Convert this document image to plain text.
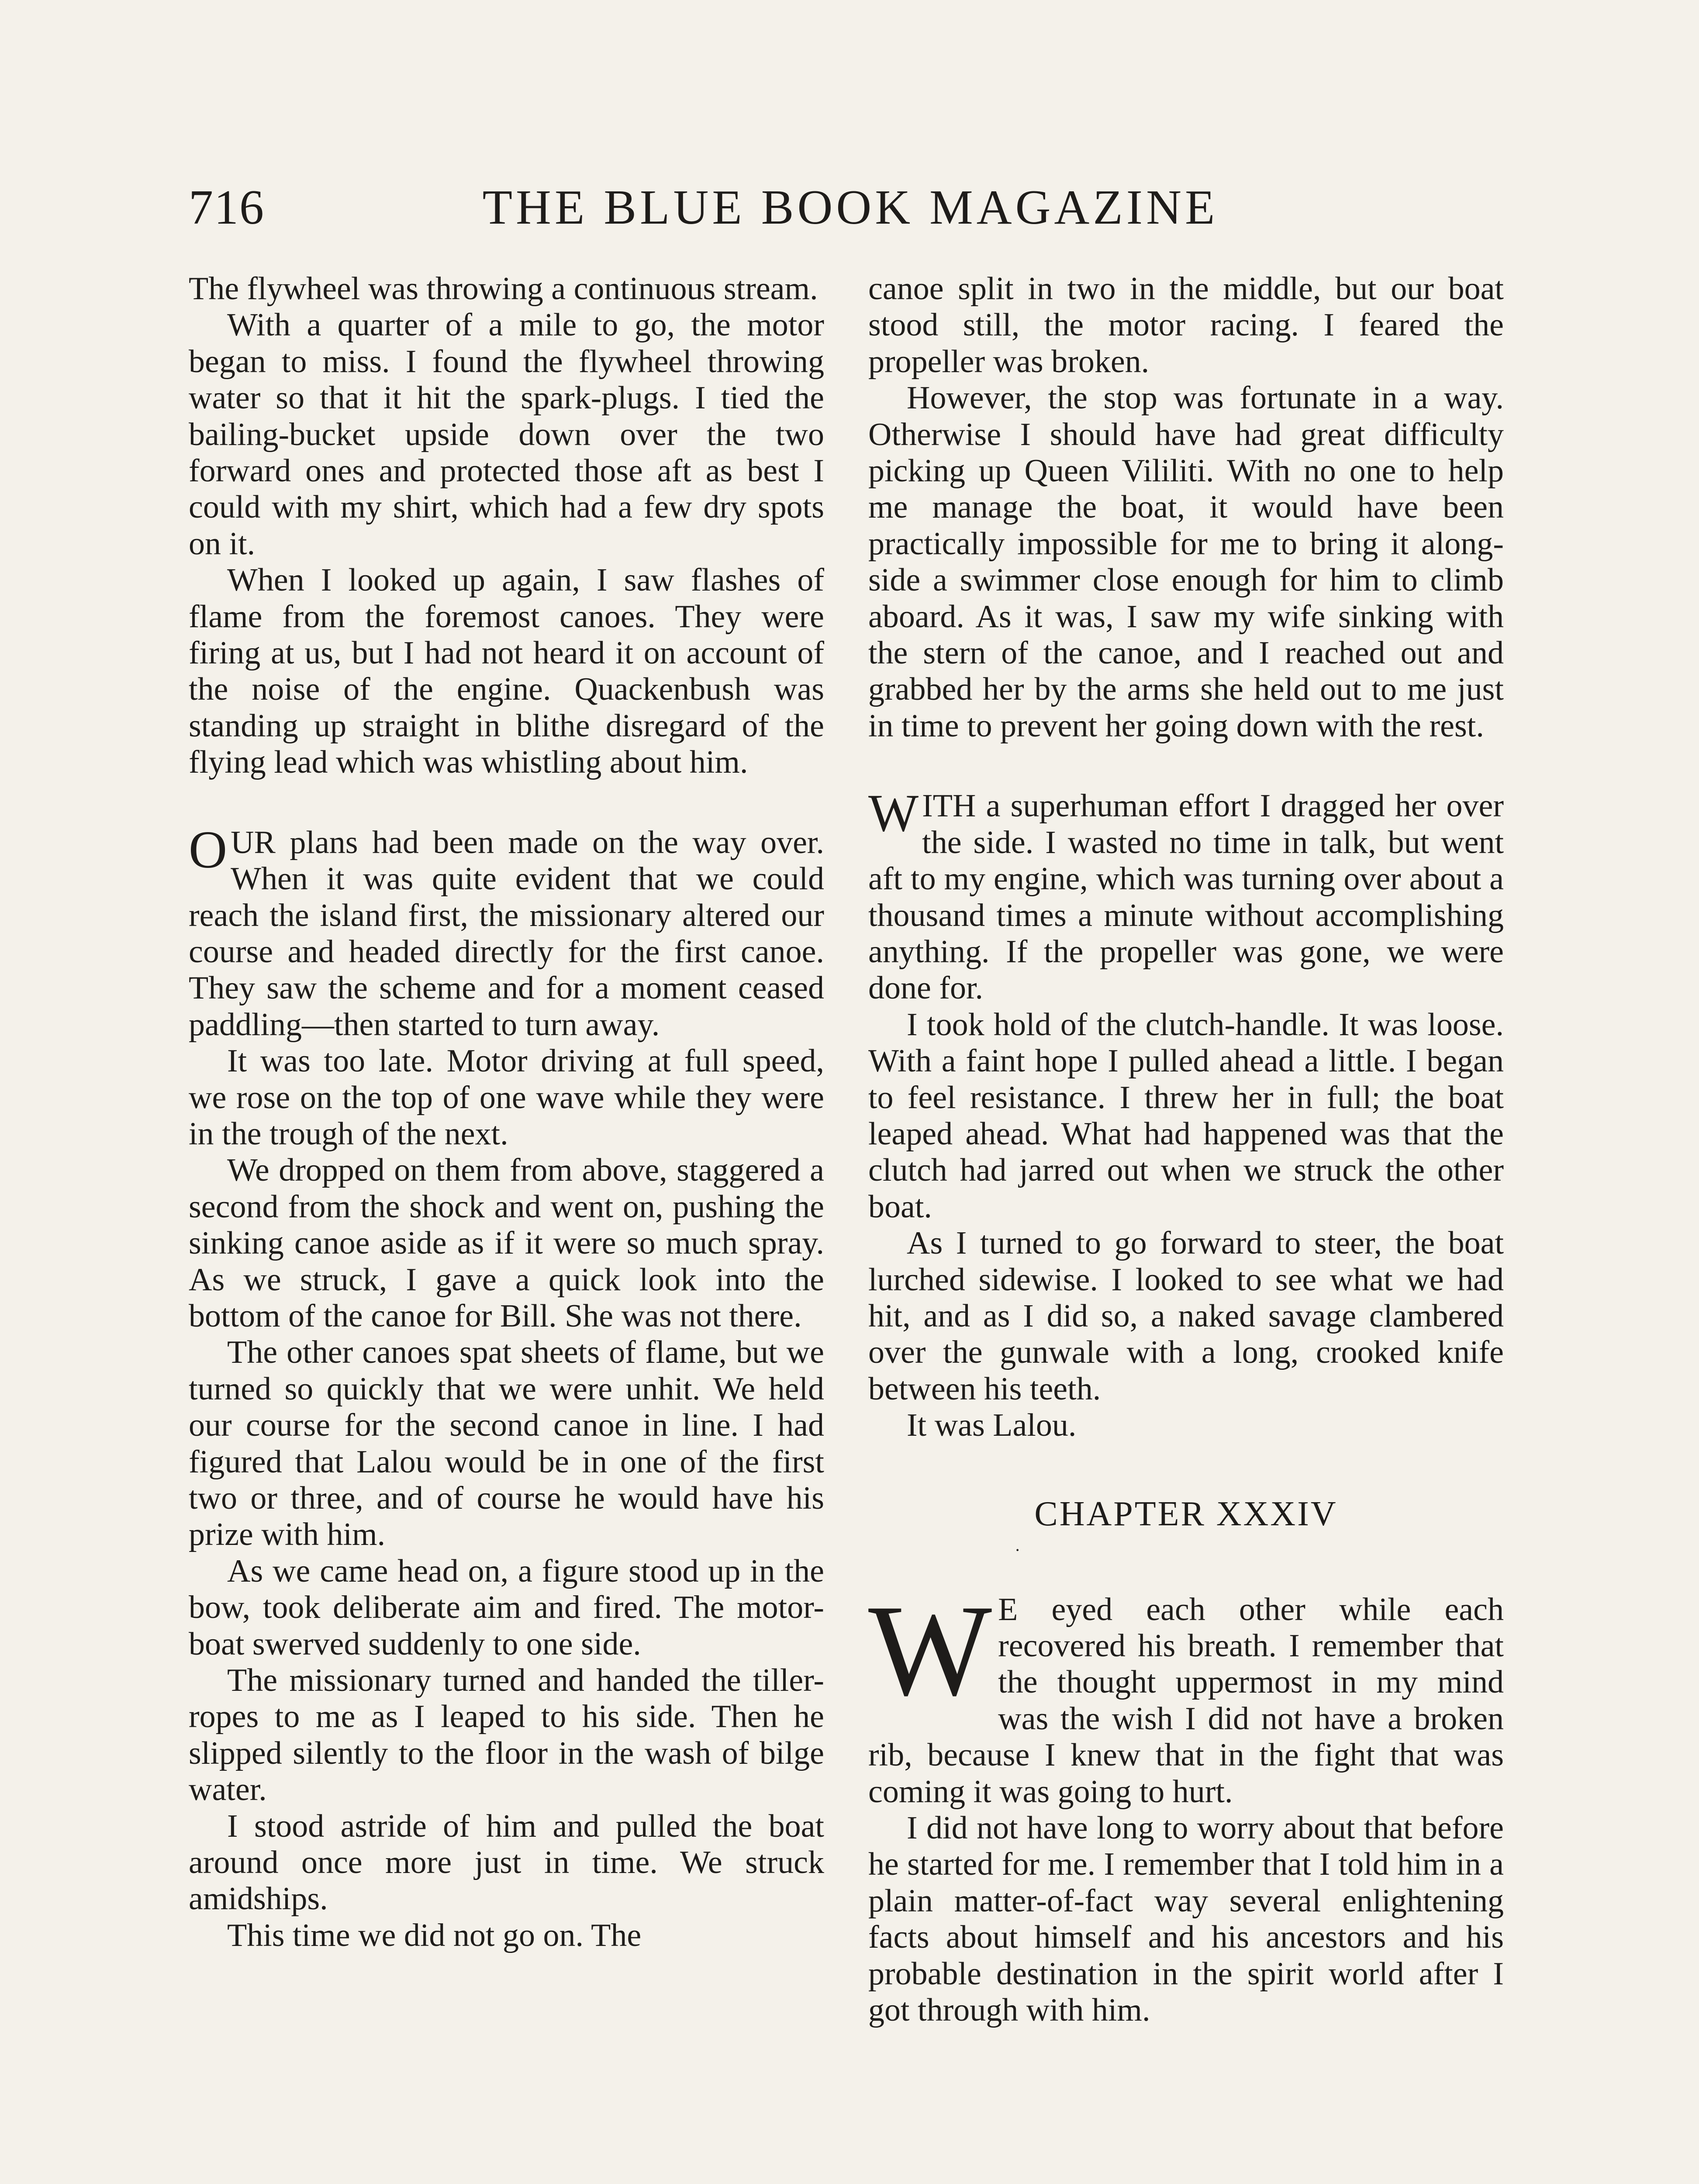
716	THE BLUE BOOK MAGAZINE

The flywheel was throwing a continuous stream.

With a quarter of a mile to go, the motor began to miss. I found the flywheel throwing water so that it hit the spark-plugs. I tied the bailing-bucket upside down over the two forward ones and protected those aft as best I could with my shirt, which had a few dry spots on it.

When I looked up again, I saw flashes of flame from the foremost canoes. They were firing at us, but I had not heard it on account of the noise of the engine. Quackenbush was standing up straight in blithe disregard of the flying lead which was whistling about him.

OUR plans had been made on the way over. When it was quite evident that we could reach the island first, the missionary altered our course and headed directly for the first canoe. They saw the scheme and for a moment ceased paddling—then started to turn away.

It was too late. Motor driving at full speed, we rose on the top of one wave while they were in the trough of the next.

We dropped on them from above, staggered a second from the shock and went on, pushing the sinking canoe aside as if it were so much spray. As we struck, I gave a quick look into the bottom of the canoe for Bill. She was not there.

The other canoes spat sheets of flame, but we turned so quickly that we were unhit. We held our course for the second canoe in line. I had figured that Lalou would be in one of the first two or three, and of course he would have his prize with him.

As we came head on, a figure stood up in the bow, took deliberate aim and fired. The motor-boat swerved suddenly to one side.

The missionary turned and handed the tiller-ropes to me as I leaped to his side. Then he slipped silently to the floor in the wash of bilge water.

I stood astride of him and pulled the boat around once more just in time. We struck amidships.

This time we did not go on. The

canoe split in two in the middle, but our boat stood still, the motor racing. I feared the propeller was broken.

However, the stop was fortunate in a way. Otherwise I should have had great difficulty picking up Queen Vililiti. With no one to help me manage the boat, it would have been practically impossible for me to bring it alongside a swimmer close enough for him to climb aboard. As it was, I saw my wife sinking with the stern of the canoe, and I reached out and grabbed her by the arms she held out to me just in time to prevent her going down with the rest.

WITH a superhuman effort I dragged her over the side. I wasted no time in talk, but went aft to my engine, which was turning over about a thousand times a minute without accomplishing anything. If the propeller was gone, we were done for.

I took hold of the clutch-handle. It was loose. With a faint hope I pulled ahead a little. I began to feel resistance. I threw her in full; the boat leaped ahead. What had happened was that the clutch had jarred out when we struck the other boat.

As I turned to go forward to steer, the boat lurched sidewise. I looked to see what we had hit, and as I did so, a naked savage clambered over the gunwale with a long, crooked knife between his teeth.

It was Lalou.

CHAPTER XXXIV
·

W E eyed each other while each recovered his breath. I remember that the thought uppermost in my mind was the wish I did not have a broken rib, because I knew that in the fight that was coming it was going to hurt.

I did not have long to worry about that before he started for me. I remember that I told him in a plain matter-of-fact way several enlightening facts about himself and his ancestors and his probable destination in the spirit world after I got through with him.
